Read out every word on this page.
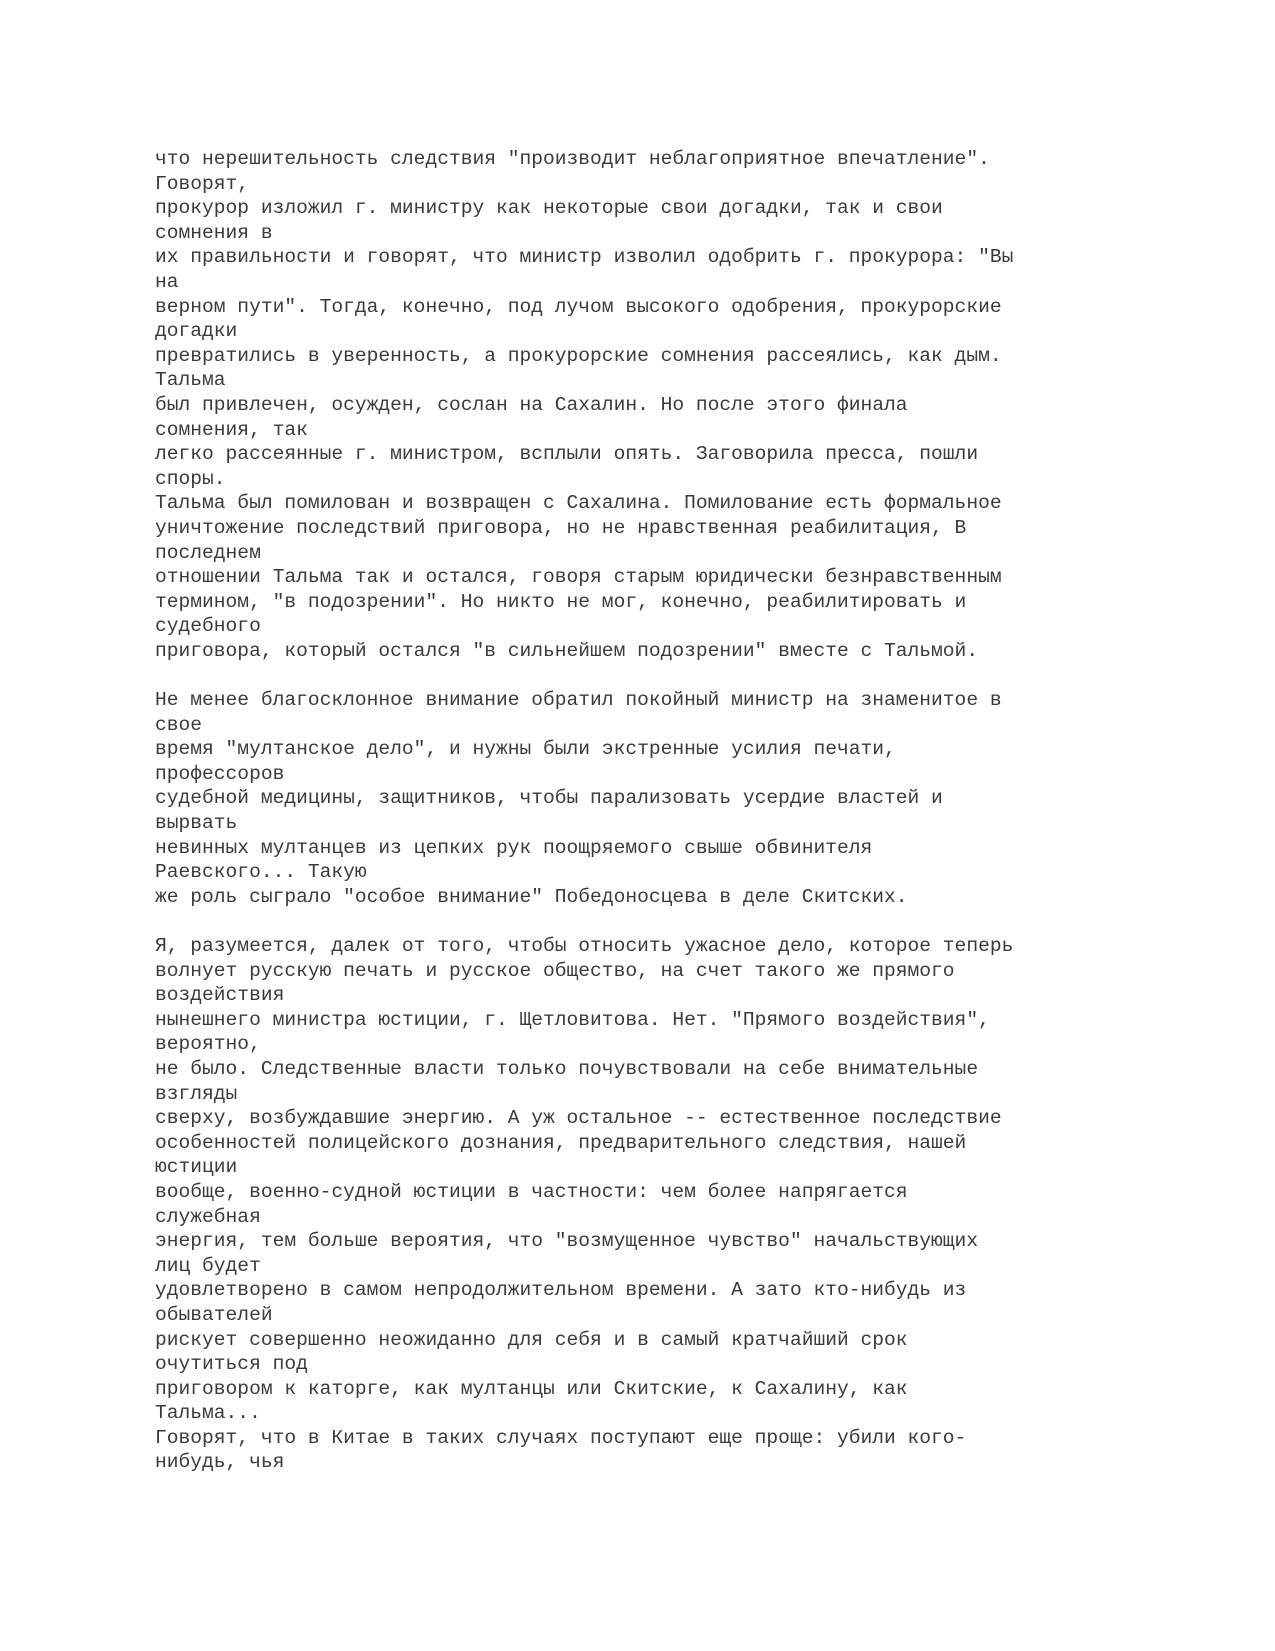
что нерешительность следствия "производит неблагоприятное впечатление".
Говорят,
прокурор изложил г. министру как некоторые свои догадки, так и свои
сомнения в
их правильности и говорят, что министр изволил одобрить г. прокурора: "Вы
на
верном пути". Тогда, конечно, под лучом высокого одобрения, прокурорские
догадки
превратились в уверенность, а прокурорские сомнения рассеялись, как дым.
Тальма
был привлечен, осужден, сослан на Сахалин. Но после этого финала
сомнения, так
легко рассеянные г. министром, всплыли опять. Заговорила пресса, пошли
споры.
Тальма был помилован и возвращен с Сахалина. Помилование есть формальное
уничтожение последствий приговора, но не нравственная реабилитация, В
последнем
отношении Тальма так и остался, говоря старым юридически безнравственным
термином, "в подозрении". Но никто не мог, конечно, реабилитировать и
судебного
приговора, который остался "в сильнейшем подозрении" вместе с Тальмой.

Не менее благосклонное внимание обратил покойный министр на знаменитое в
свое
время "мултанское дело", и нужны были экстренные усилия печати,
профессоров
судебной медицины, защитников, чтобы парализовать усердие властей и
вырвать
невинных мултанцев из цепких рук поощряемого свыше обвинителя
Раевского... Такую
же роль сыграло "особое внимание" Победоносцева в деле Скитских.

Я, разумеется, далек от того, чтобы относить ужасное дело, которое теперь
волнует русскую печать и русское общество, на счет такого же прямого
воздействия
нынешнего министра юстиции, г. Щетловитова. Нет. "Прямого воздействия",
вероятно,
не было. Следственные власти только почувствовали на себе внимательные
взгляды
сверху, возбуждавшие энергию. А уж остальное -- естественное последствие
особенностей полицейского дознания, предварительного следствия, нашей
юстиции
вообще, военно-судной юстиции в частности: чем более напрягается
служебная
энергия, тем больше вероятия, что "возмущенное чувство" начальствующих
лиц будет
удовлетворено в самом непродолжительном времени. А зато кто-нибудь из
обывателей
рискует совершенно неожиданно для себя и в самый кратчайший срок
очутиться под
приговором к каторге, как мултанцы или Скитские, к Сахалину, как
Тальма...
Говорят, что в Китае в таких случаях поступают еще проще: убили кого-
нибудь, чья
